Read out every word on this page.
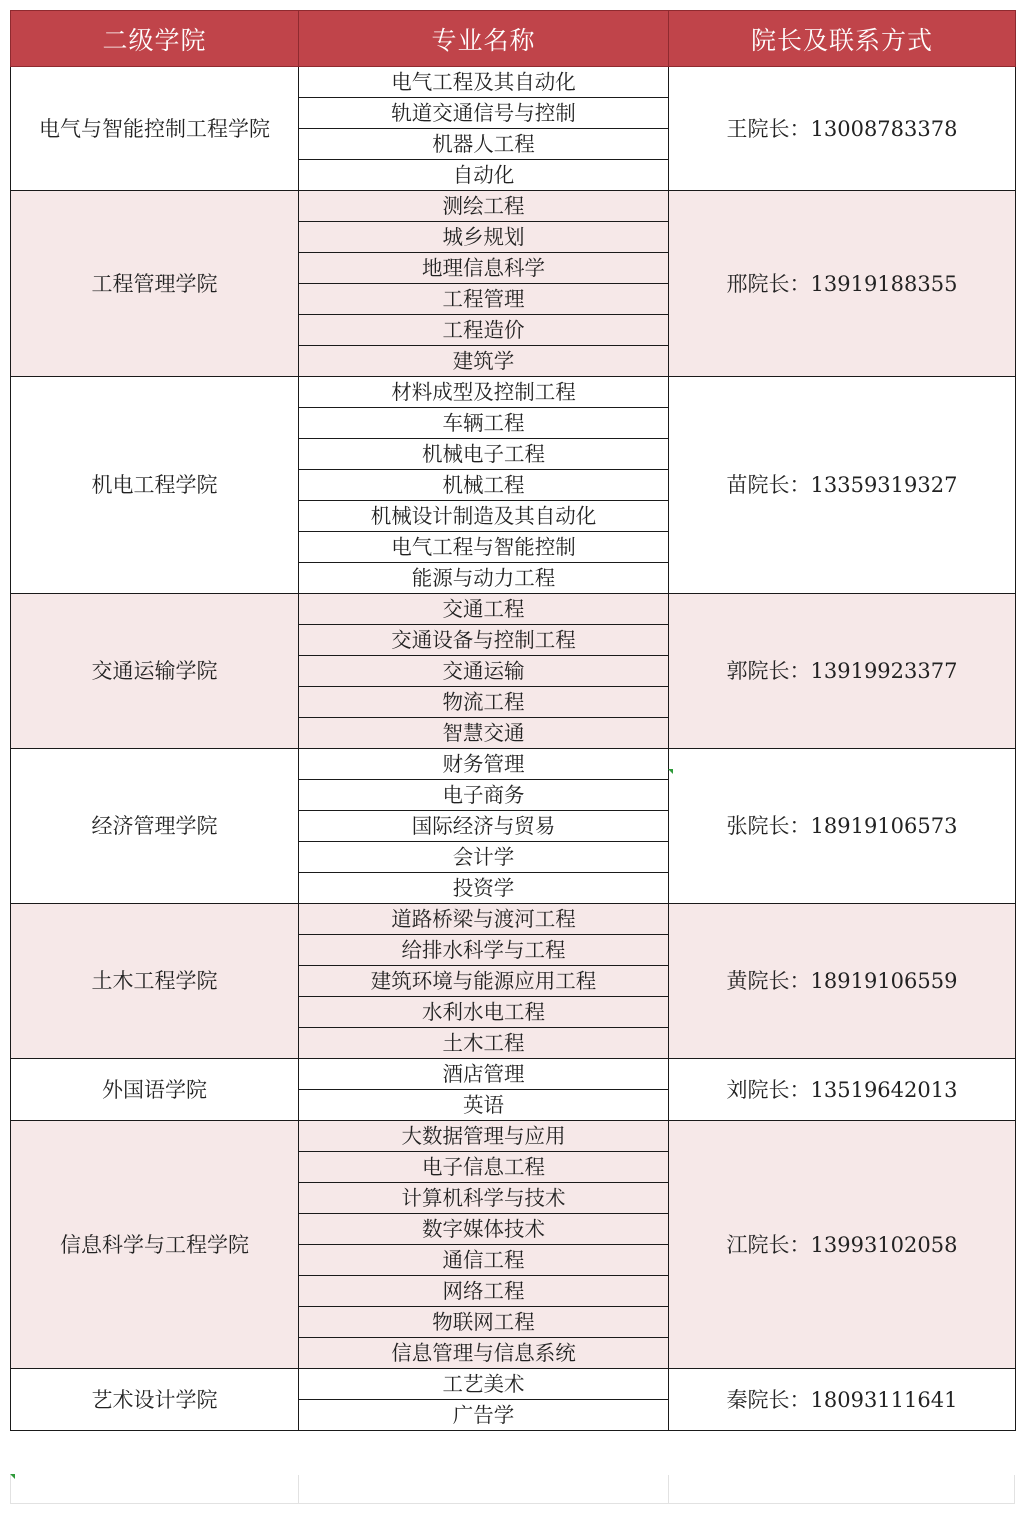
二级学院	专业名称	院长及联系方式
电气与智能控制工程学院	电气工程及其自动化	王院长：13008783378
	轨道交通信号与控制	
	机器人工程	
	自动化	
工程管理学院	测绘工程	邢院长：13919188355
	城乡规划	
	地理信息科学	
	工程管理	
	工程造价	
	建筑学	
机电工程学院	材料成型及控制工程	苗院长：13359319327
	车辆工程	
	机械电子工程	
	机械工程	
	机械设计制造及其自动化	
	电气工程与智能控制	
	能源与动力工程	
交通运输学院	交通工程	郭院长：13919923377
	交通设备与控制工程	
	交通运输	
	物流工程	
	智慧交通	
经济管理学院	财务管理	张院长：18919106573
	电子商务	
	国际经济与贸易	
	会计学	
	投资学	
土木工程学院	道路桥梁与渡河工程	黄院长：18919106559
	给排水科学与工程	
	建筑环境与能源应用工程	
	水利水电工程	
	土木工程	
外国语学院	酒店管理	刘院长：13519642013
	英语	
信息科学与工程学院	大数据管理与应用	江院长：13993102058
	电子信息工程	
	计算机科学与技术	
	数字媒体技术	
	通信工程	
	网络工程	
	物联网工程	
	信息管理与信息系统	
艺术设计学院	工艺美术	秦院长：18093111641
	广告学	
